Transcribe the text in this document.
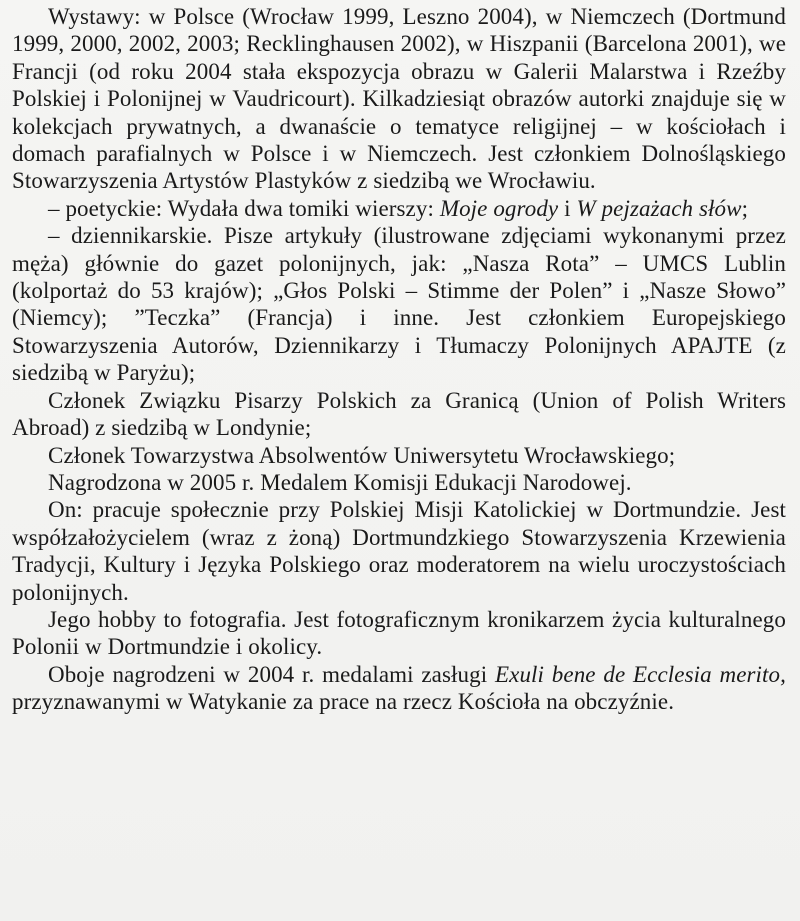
Wystawy: w Polsce (Wrocław 1999, Leszno 2004), w Niemczech (Dortmund 1999, 2000, 2002, 2003; Recklinghausen 2002), w Hiszpanii (Barcelona 2001), we Francji (od roku 2004 stała ekspozycja obrazu w Galerii Malarstwa i Rzeźby Polskiej i Polonijnej w Vaudricourt). Kilkadziesiąt obrazów autorki znajduje się w kolekcjach prywatnych, a dwanaście o tematyce religijnej – w kościołach i domach parafialnych w Polsce i w Niemczech. Jest członkiem Dolnośląskiego Stowarzyszenia Artystów Plastyków z siedzibą we Wrocławiu.

– poetyckie: Wydała dwa tomiki wierszy: Moje ogrody i W pejzażach słów;

– dziennikarskie. Pisze artykuły (ilustrowane zdjęciami wykonanymi przez męża) głównie do gazet polonijnych, jak: „Nasza Rota” – UMCS Lublin (kolportaż do 53 krajów); „Głos Polski – Stimme der Polen” i „Nasze Słowo” (Niemcy); ”Teczka” (Francja) i inne. Jest członkiem Europejskiego Stowarzyszenia Autorów, Dziennikarzy i Tłumaczy Polonijnych APAJTE (z siedzibą w Paryżu);

Członek Związku Pisarzy Polskich za Granicą (Union of Polish Writers Abroad) z siedzibą w Londynie;

Członek Towarzystwa Absolwentów Uniwersytetu Wrocławskiego;

Nagrodzona w 2005 r. Medalem Komisji Edukacji Narodowej.

On: pracuje społecznie przy Polskiej Misji Katolickiej w Dortmundzie. Jest współzałożycielem (wraz z żoną) Dortmundzkiego Stowarzyszenia Krzewienia Tradycji, Kultury i Języka Polskiego oraz moderatorem na wielu uroczystościach polonijnych.

Jego hobby to fotografia. Jest fotograficznym kronikarzem życia kulturalnego Polonii w Dortmundzie i okolicy.

Oboje nagrodzeni w 2004 r. medalami zasługi Exuli bene de Ecclesia merito, przyznawanymi w Watykanie za prace na rzecz Kościoła na obczyźnie.
